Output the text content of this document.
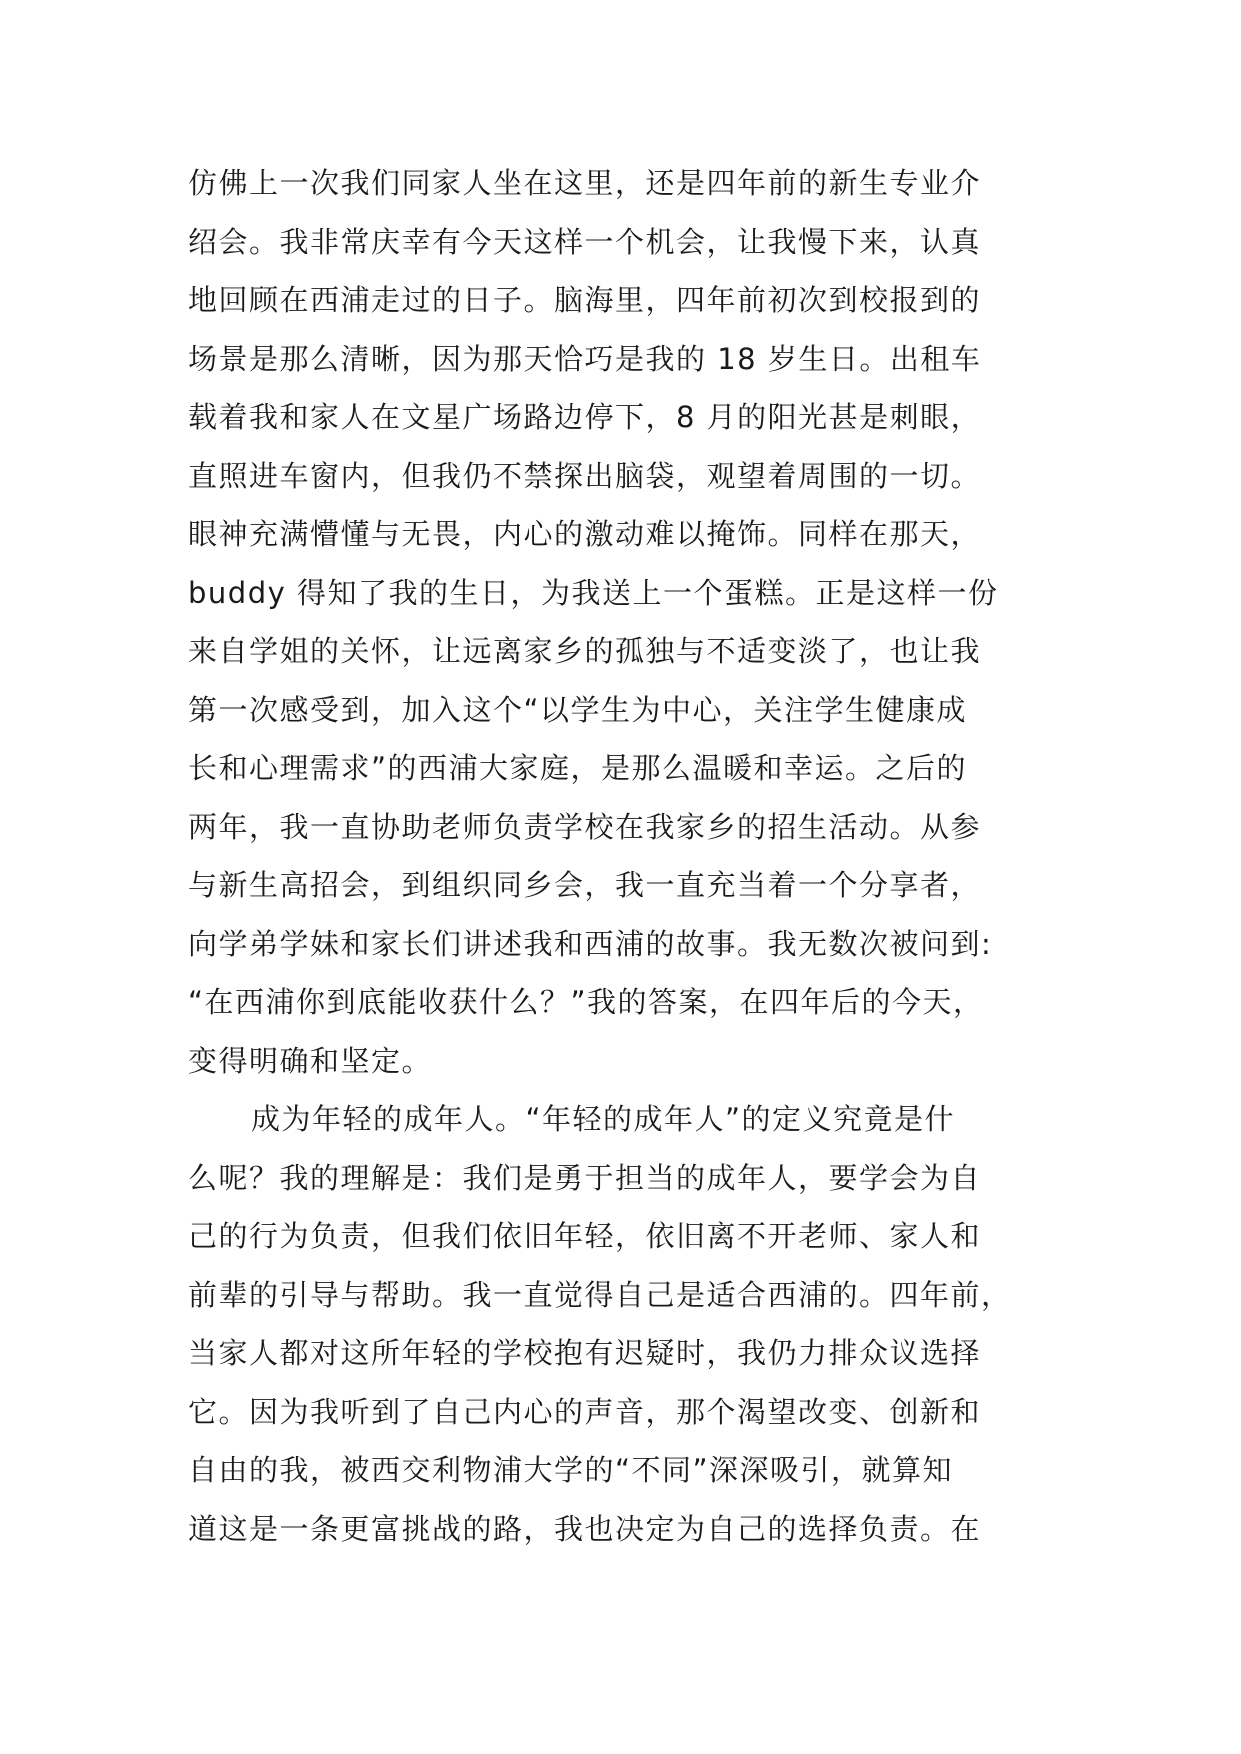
仿佛上一次我们同家人坐在这里，还是四年前的新生专业介
绍会。我非常庆幸有今天这样一个机会，让我慢下来，认真
地回顾在西浦走过的日子。脑海里，四年前初次到校报到的
场景是那么清晰，因为那天恰巧是我的 18 岁生日。出租车
载着我和家人在文星广场路边停下，8 月的阳光甚是刺眼，
直照进车窗内，但我仍不禁探出脑袋，观望着周围的一切。
眼神充满懵懂与无畏，内心的激动难以掩饰。同样在那天，
buddy 得知了我的生日，为我送上一个蛋糕。正是这样一份
来自学姐的关怀，让远离家乡的孤独与不适变淡了，也让我
第一次感受到，加入这个“以学生为中心，关注学生健康成
长和心理需求”的西浦大家庭，是那么温暖和幸运。之后的
两年，我一直协助老师负责学校在我家乡的招生活动。从参
与新生高招会，到组织同乡会，我一直充当着一个分享者，
向学弟学妹和家长们讲述我和西浦的故事。我无数次被问到:
“在西浦你到底能收获什么？”我的答案，在四年后的今天，
变得明确和坚定。
成为年轻的成年人。“年轻的成年人”的定义究竟是什
么呢？我的理解是：我们是勇于担当的成年人，要学会为自
己的行为负责，但我们依旧年轻，依旧离不开老师、家人和
前辈的引导与帮助。我一直觉得自己是适合西浦的。四年前，
当家人都对这所年轻的学校抱有迟疑时，我仍力排众议选择
它。因为我听到了自己内心的声音，那个渴望改变、创新和
自由的我，被西交利物浦大学的“不同”深深吸引，就算知
道这是一条更富挑战的路，我也决定为自己的选择负责。在
